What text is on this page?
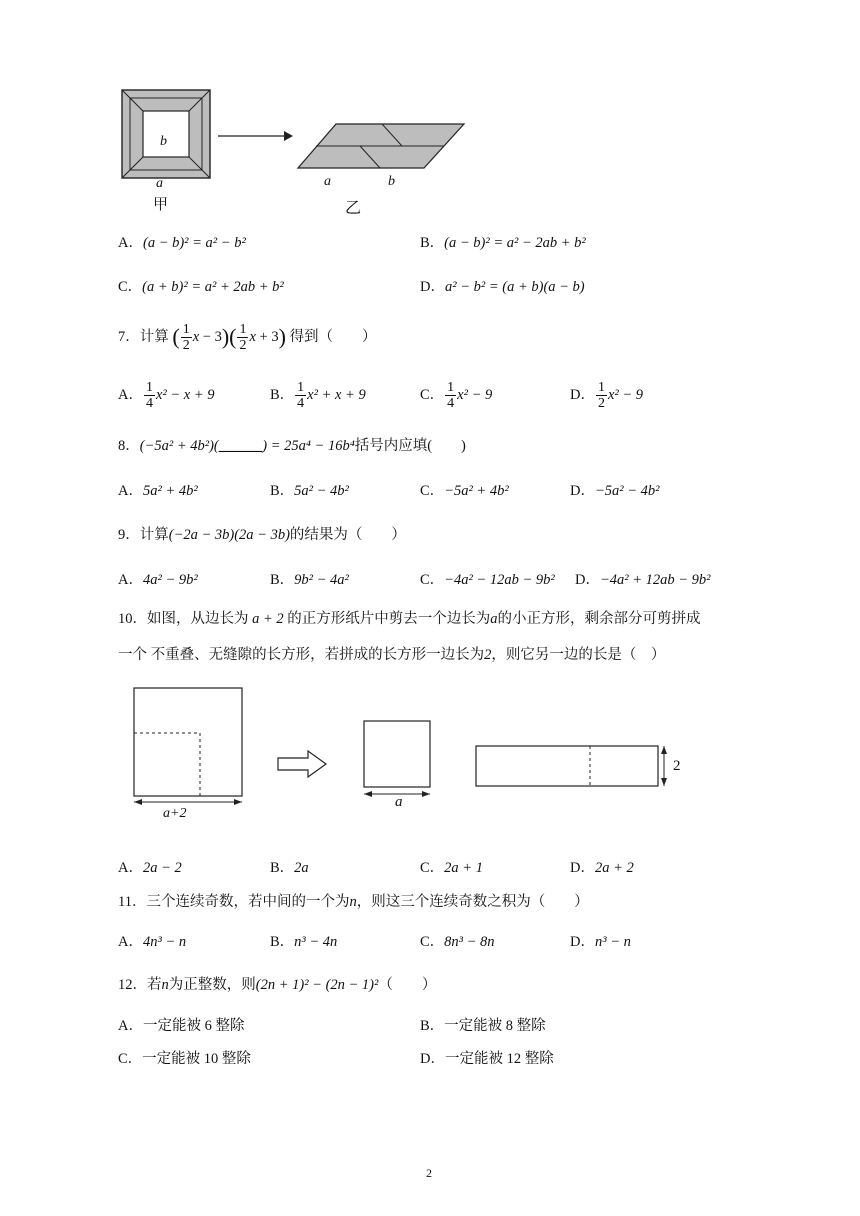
b
a
甲
a	b
乙
A．(a − b)² = a² − b²	B．(a − b)² = a² − 2ab + b²
C．(a + b)² = a² + 2ab + b²	D．a² − b² = (a + b)(a − b)
7．计算 ( $\frac{1}{2}$ $x - 3)( \frac{1}{2}$ x + 3) 得到（　　）
A． $\frac{1}{4} x^2 - x + 9$	B． $\frac{1}{4} x^2 + x + 9$	C． $\frac{1}{4} x^2 - 9$	D． $\frac{1}{2} x^2 - 9$
8．(−5a² + 4b²)(______) = 25a⁴ − 16b⁴括号内应填(　　)
A．5a² + 4b²	B．5a² − 4b²	C．−5a² + 4b²	D．−5a² − 4b²
9．计算(−2a − 3b)(2a − 3b)的结果为（　　）
A．4a² − 9b²	B．9b² − 4a²	C．−4a² − 12ab − 9b² D．−4a² + 12ab − 9b²
10．如图，从边长为 a + 2 的正方形纸片中剪去一个边长为a的小正方形，剩余部分可剪拼成
一个 不重叠、无缝隙的长方形，若拼成的长方形一边长为2，则它另一边的长是（　）
a+2
a
2
A．2a − 2	B．2a	C．2a + 1	D．2a + 2
11．三个连续奇数，若中间的一个为n，则这三个连续奇数之积为（　　）
A．4n³ − n	B．n³ − 4n	C．8n³ − 8n	D．n³ − n
12．若n为正整数，则(2n + 1)² − (2n − 1)²（　　）
A．一定能被 6 整除	B．一定能被 8 整除
C．一定能被 10 整除	D．一定能被 12 整除
2
